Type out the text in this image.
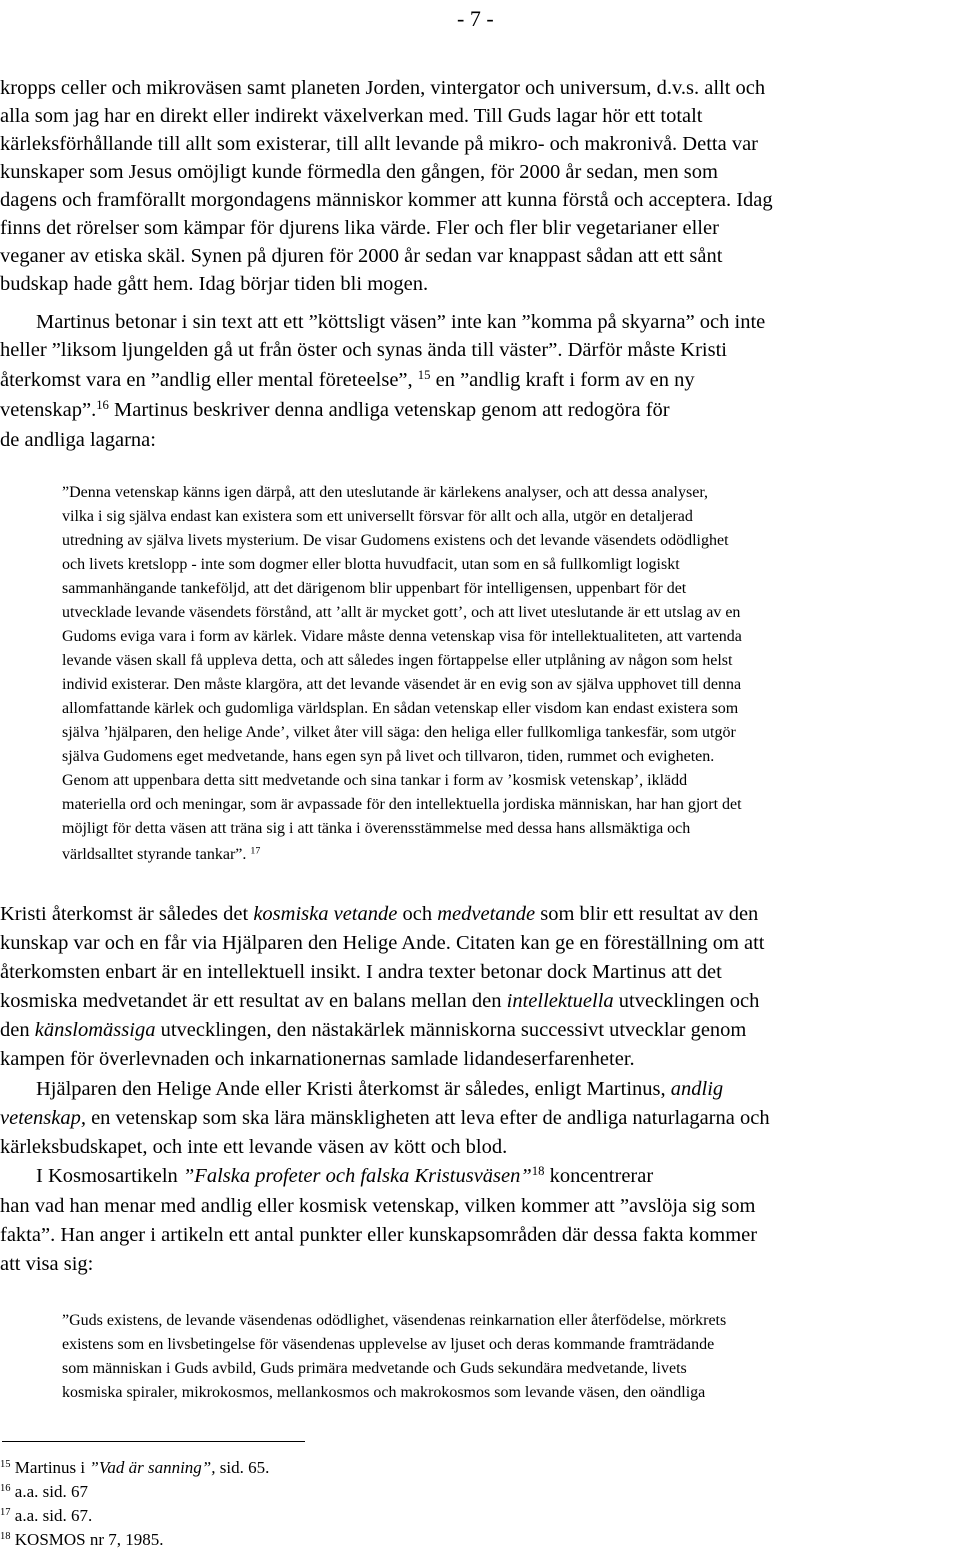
- 7 -
kropps celler och mikroväsen samt planeten Jorden, vintergator och universum, d.v.s. allt och
alla som jag har en direkt eller indirekt växelverkan med. Till Guds lagar hör ett totalt
kärleksförhållande till allt som existerar, till allt levande på mikro- och makronivå. Detta var
kunskaper som Jesus omöjligt kunde förmedla den gången, för 2000 år sedan, men som
dagens och framförallt morgondagens människor kommer att kunna förstå och acceptera. Idag
finns det rörelser som kämpar för djurens lika värde. Fler och fler blir vegetarianer eller
veganer av etiska skäl. Synen på djuren för 2000 år sedan var knappast sådan att ett sånt
budskap hade gått hem. Idag börjar tiden bli mogen.
Martinus betonar i sin text att ett ”köttsligt väsen” inte kan ”komma på skyarna” och inte
heller ”liksom ljungelden gå ut från öster och synas ända till väster”. Därför måste Kristi
återkomst vara en ”andlig eller mental företeelse”, $^{15}$ en ”andlig kraft i form av en ny
vetenskap”.$^{16}$ Martinus beskriver denna andliga vetenskap genom att redogöra för
de andliga lagarna:
”Denna vetenskap känns igen därpå, att den uteslutande är kärlekens analyser, och att dessa analyser,
vilka i sig själva endast kan existera som ett universellt försvar för allt och alla, utgör en detaljerad
utredning av själva livets mysterium. De visar Gudomens existens och det levande väsendets odödlighet
och livets kretslopp - inte som dogmer eller blotta huvudfacit, utan som en så fullkomligt logiskt
sammanhängande tankeföljd, att det därigenom blir uppenbart för intelligensen, uppenbart för det
utvecklade levande väsendets förstånd, att ’allt är mycket gott’, och att livet uteslutande är ett utslag av en
Gudoms eviga vara i form av kärlek. Vidare måste denna vetenskap visa för intellektualiteten, att vartenda
levande väsen skall få uppleva detta, och att således ingen förtappelse eller utplåning av någon som helst
individ existerar. Den måste klargöra, att det levande väsendet är en evig son av själva upphovet till denna
allomfattande kärlek och gudomliga världsplan. En sådan vetenskap eller visdom kan endast existera som
själva ’hjälparen, den helige Ande’, vilket åter vill säga: den heliga eller fullkomliga tankesfär, som utgör
själva Gudomens eget medvetande, hans egen syn på livet och tillvaron, tiden, rummet och evigheten.
Genom att uppenbara detta sitt medvetande och sina tankar i form av ’kosmisk vetenskap’, iklädd
materiella ord och meningar, som är avpassade för den intellektuella jordiska människan, har han gjort det
möjligt för detta väsen att träna sig i att tänka i överensstämmelse med dessa hans allsmäktiga och
världsalltet styrande tankar”. $^{17}$
Kristi återkomst är således det kosmiska vetande och medvetande som blir ett resultat av den
kunskap var och en får via Hjälparen den Helige Ande. Citaten kan ge en föreställning om att
återkomsten enbart är en intellektuell insikt. I andra texter betonar dock Martinus att det
kosmiska medvetandet är ett resultat av en balans mellan den intellektuella utvecklingen och
den känslomässiga utvecklingen, den nästakärlek människorna successivt utvecklar genom
kampen för överlevnaden och inkarnationernas samlade lidandeserfarenheter.
Hjälparen den Helige Ande eller Kristi återkomst är således, enligt Martinus, andlig
vetenskap, en vetenskap som ska lära mänskligheten att leva efter de andliga naturlagarna och
kärleksbudskapet, och inte ett levande väsen av kött och blod.
I Kosmosartikeln ”Falska profeter och falska Kristusväsen”$^{18}$ koncentrerar
han vad han menar med andlig eller kosmisk vetenskap, vilken kommer att ”avslöja sig som
fakta”. Han anger i artikeln ett antal punkter eller kunskapsområden där dessa fakta kommer
att visa sig:
”Guds existens, de levande väsendenas odödlighet, väsendenas reinkarnation eller återfödelse, mörkrets
existens som en livsbetingelse för väsendenas upplevelse av ljuset och deras kommande framträdande
som människan i Guds avbild, Guds primära medvetande och Guds sekundära medvetande, livets
kosmiska spiraler, mikrokosmos, mellankosmos och makrokosmos som levande väsen, den oändliga
$^{15}$ Martinus i ”Vad är sanning”, sid. 65.
$^{16}$ a.a. sid. 67
$^{17}$ a.a. sid. 67.
$^{18}$ KOSMOS nr 7, 1985.
